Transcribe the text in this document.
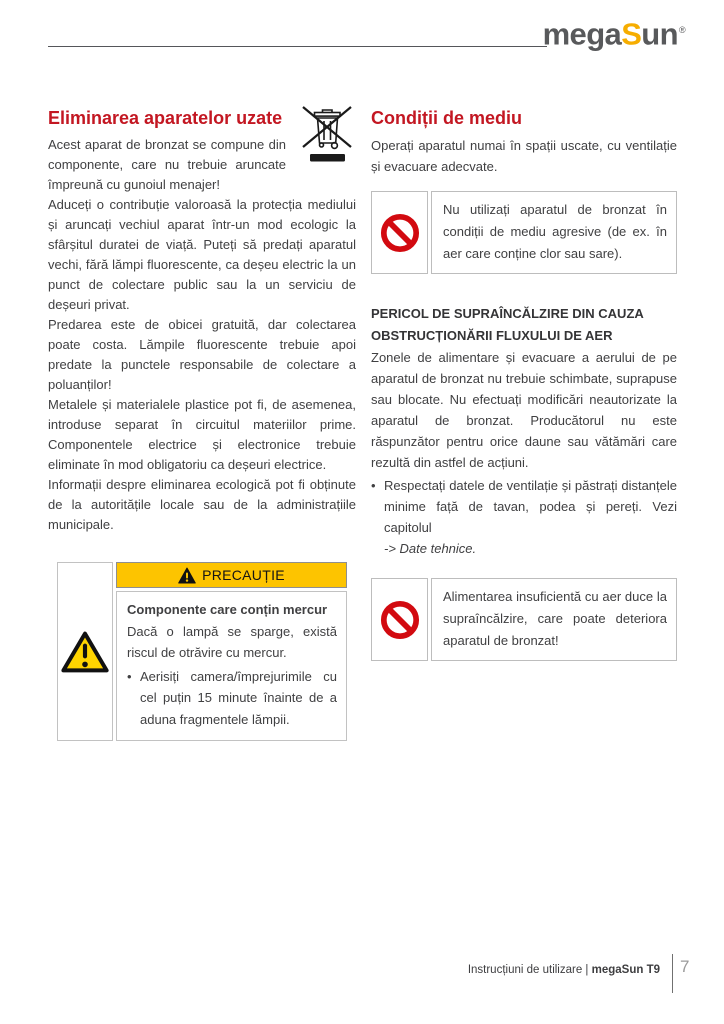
megaSun®
Eliminarea aparatelor uzate

Acest aparat de bronzat se compune din componente, care nu trebuie aruncate împreună cu gunoiul menajer!

Aduceți o contribuție valoroasă la protecția mediului și aruncați vechiul aparat într-un mod ecologic la sfârșitul duratei de viață. Puteți să predați aparatul vechi, fără lămpi fluorescente, ca deșeu electric la un punct de colectare public sau la un serviciu de deșeuri privat.

Predarea este de obicei gratuită, dar colectarea poate costa. Lămpile fluorescente trebuie apoi predate la punctele responsabile de colectare a poluanților!

Metalele și materialele plastice pot fi, de asemenea, introduse separat în circuitul materiilor prime. Componentele electrice și electronice trebuie eliminate în mod obligatoriu ca deșeuri electrice.

Informații despre eliminarea ecologică pot fi obținute de la autoritățile locale sau de la administrațiile municipale.

PRECAUȚIE
Componente care conțin mercur

Dacă o lampă se sparge, există riscul de otrăvire cu mercur.

• Aerisiți camera/împrejurimile cu cel puțin 15 minute înainte de a aduna fragmentele lămpii.
Condiții de mediu

Operați aparatul numai în spații uscate, cu ventilație și evacuare adecvate.

Nu utilizați aparatul de bronzat în condiții de mediu agresive (de ex. în aer care conține clor sau sare).
PERICOL DE SUPRAÎNCĂLZIRE DIN CAUZA OBSTRUCȚIONĂRII FLUXULUI DE AER

Zonele de alimentare și evacuare a aerului de pe aparatul de bronzat nu trebuie schimbate, suprapuse sau blocate. Nu efectuați modificări neautorizate la aparatul de bronzat. Producătorul nu este răspunzător pentru orice daune sau vătămări care rezultă din astfel de acțiuni.

• Respectați datele de ventilație și păstrați distanțele minime față de tavan, podea și pereți. Vezi capitolul
-> Date tehnice.
Alimentarea insuficientă cu aer duce la supraîncălzire, care poate deteriora aparatul de bronzat!
Instrucțiuni de utilizare | megaSun T9 7
